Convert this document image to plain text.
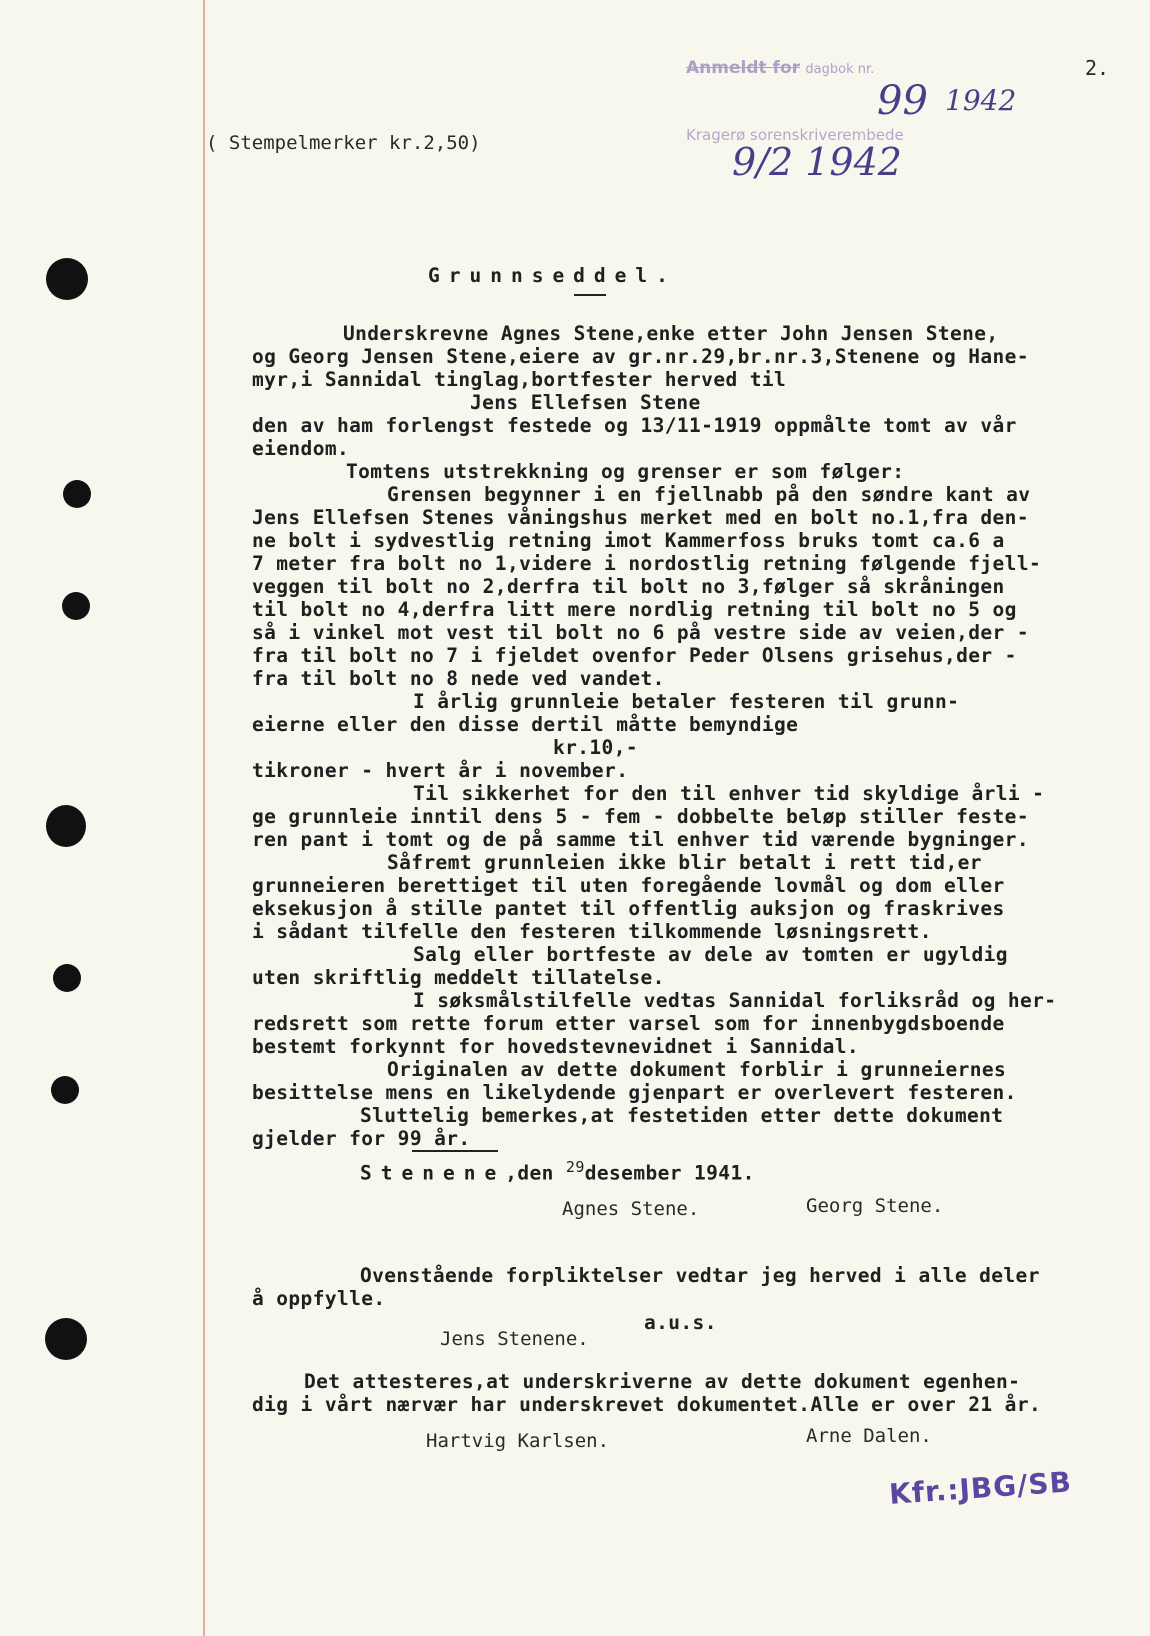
Anmeldt for dagbok nr.
99 1942
Kragerø sorenskriverembede
9/2 1942
2.
( Stempelmerker kr.2,50)
Grunnseddel.
Underskrevne Agnes Stene,enke etter John Jensen Stene,
og Georg Jensen Stene,eiere av gr.nr.29,br.nr.3,Stenene og Hane-
myr,i Sannidal tinglag,bortfester herved til
Jens Ellefsen Stene
den av ham forlengst festede og 13/11-1919 oppmålte tomt av vår
eiendom.
Tomtens utstrekkning og grenser er som følger:
Grensen begynner i en fjellnabb på den søndre kant av
Jens Ellefsen Stenes våningshus merket med en bolt no.1,fra den-
ne bolt i sydvestlig retning imot Kammerfoss bruks tomt ca.6 a
7 meter fra bolt no 1,videre i nordostlig retning følgende fjell-
veggen til bolt no 2,derfra til bolt no 3,følger så skråningen
til bolt no 4,derfra litt mere nordlig retning til bolt no 5 og
så i vinkel mot vest til bolt no 6 på vestre side av veien,der -
fra til bolt no 7 i fjeldet ovenfor Peder Olsens grisehus,der -
fra til bolt no 8 nede ved vandet.
I årlig grunnleie betaler festeren til grunn-
eierne eller den disse dertil måtte bemyndige
kr.10,-
tikroner - hvert år i november.
Til sikkerhet for den til enhver tid skyldige årli -
ge grunnleie inntil dens 5 - fem - dobbelte beløp stiller feste-
ren pant i tomt og de på samme til enhver tid værende bygninger.
Såfremt grunnleien ikke blir betalt i rett tid,er
grunneieren berettiget til uten foregående lovmål og dom eller
eksekusjon å stille pantet til offentlig auksjon og fraskrives
i sådant tilfelle den festeren tilkommende løsningsrett.
Salg eller bortfeste av dele av tomten er ugyldig
uten skriftlig meddelt tillatelse.
I søksmålstilfelle vedtas Sannidal forliksråd og her-
redsrett som rette forum etter varsel som for innenbygdsboende
bestemt forkynnt for hovedstevnevidnet i Sannidal.
Originalen av dette dokument forblir i grunneiernes
besittelse mens en likelydende gjenpart er overlevert festeren.
Sluttelig bemerkes,at festetiden etter dette dokument
gjelder for 99 år.
Stenene,den $^{29}$desember 1941.
Agnes Stene.	Georg Stene.
Ovenstående forpliktelser vedtar jeg herved i alle deler
å oppfylle.
a.u.s.
Jens Stenene.
Det attesteres,at underskriverne av dette dokument egenhen-
dig i vårt nærvær har underskrevet dokumentet.Alle er over 21 år.
Hartvig Karlsen.	Arne Dalen.
Kfr.:JBG/SB
